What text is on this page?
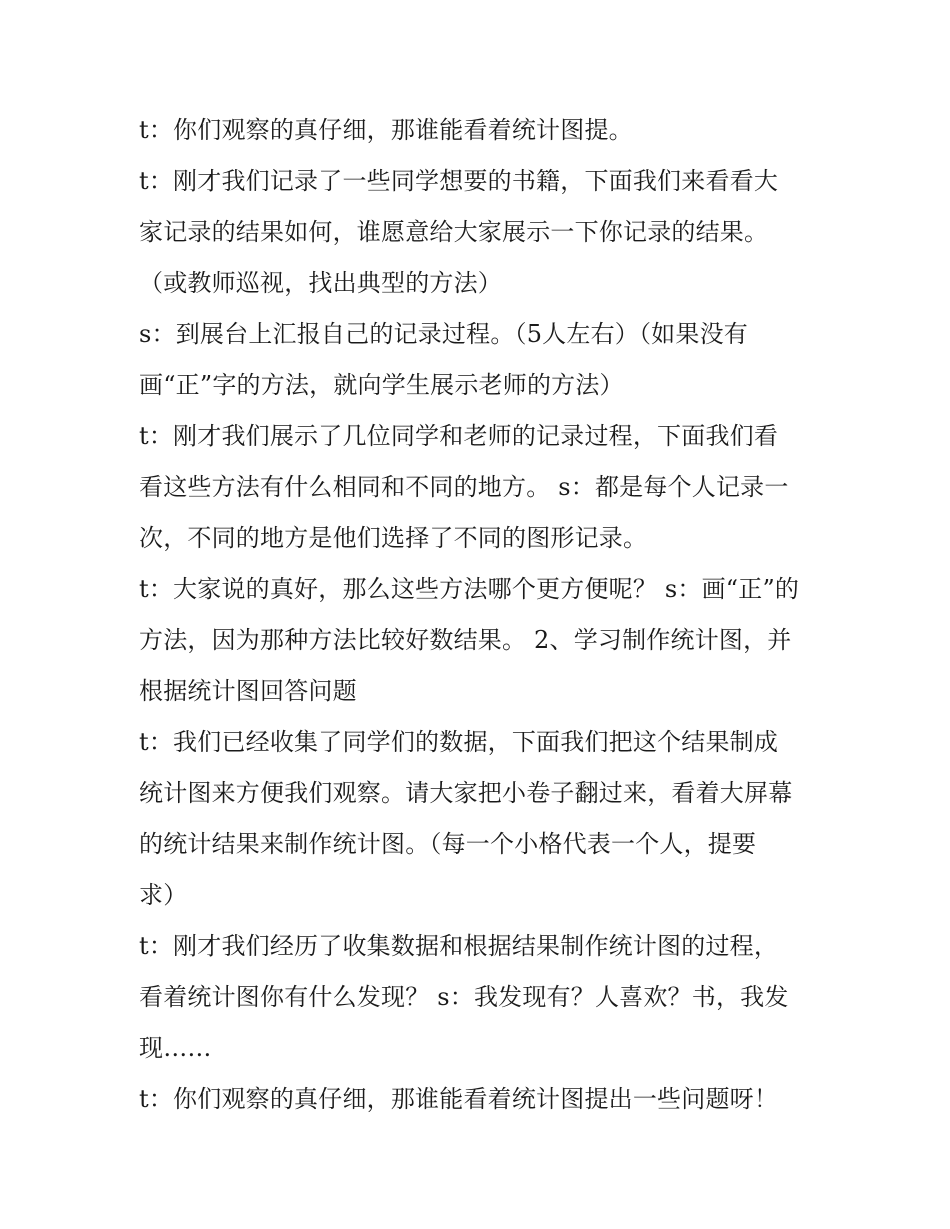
t：你们观察的真仔细，那谁能看着统计图提。
t：刚才我们记录了一些同学想要的书籍，下面我们来看看大
家记录的结果如何，谁愿意给大家展示一下你记录的结果。
（或教师巡视，找出典型的方法）
s：到展台上汇报自己的记录过程。（5人左右）（如果没有
画“正”字的方法，就向学生展示老师的方法）
t：刚才我们展示了几位同学和老师的记录过程，下面我们看
看这些方法有什么相同和不同的地方。 s：都是每个人记录一
次，不同的地方是他们选择了不同的图形记录。
t：大家说的真好，那么这些方法哪个更方便呢？ s：画“正”的
方法，因为那种方法比较好数结果。 2、学习制作统计图，并
根据统计图回答问题
t：我们已经收集了同学们的数据，下面我们把这个结果制成
统计图来方便我们观察。请大家把小卷子翻过来，看着大屏幕
的统计结果来制作统计图。（每一个小格代表一个人，提要
求）
t：刚才我们经历了收集数据和根据结果制作统计图的过程，
看着统计图你有什么发现？ s：我发现有？人喜欢？书，我发
现……
t：你们观察的真仔细，那谁能看着统计图提出一些问题呀！
